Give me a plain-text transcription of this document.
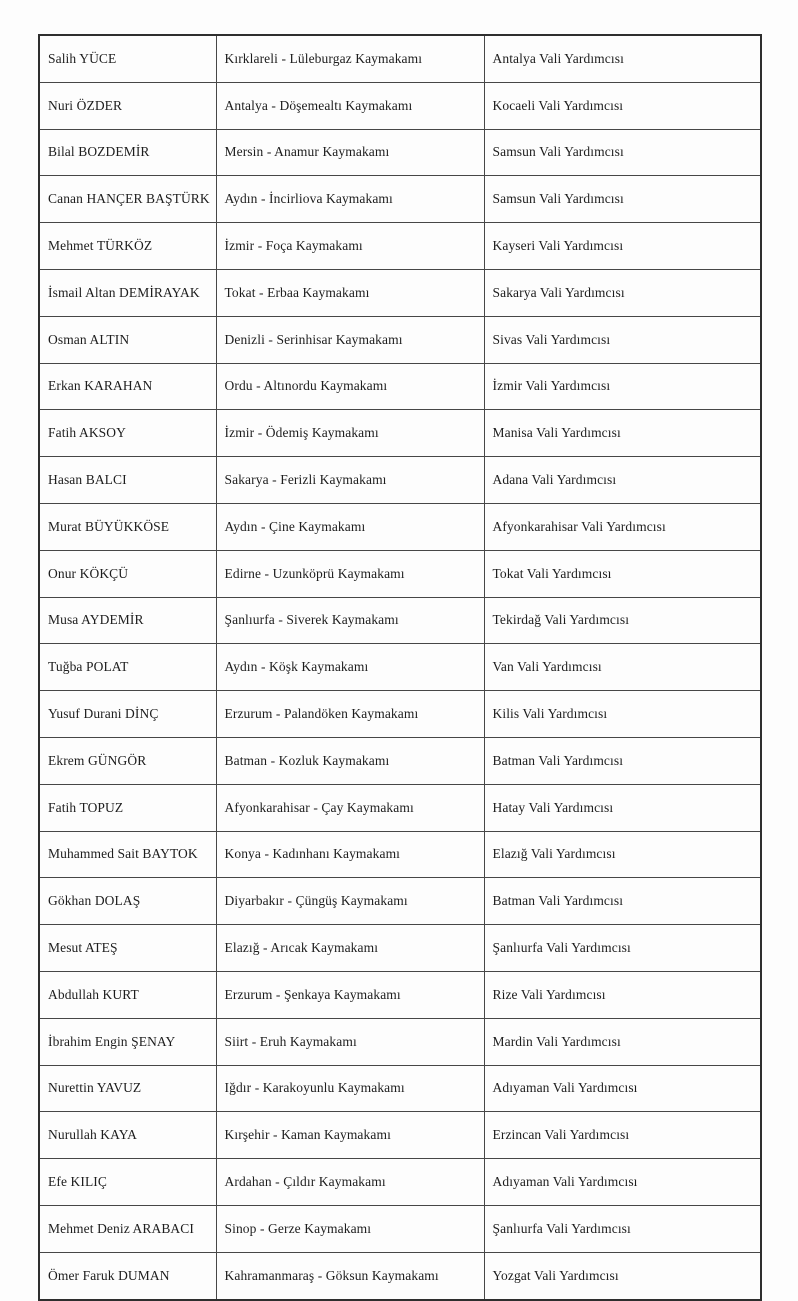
Salih YÜCE	Kırklareli - Lüleburgaz Kaymakamı	Antalya Vali Yardımcısı
Nuri ÖZDER	Antalya - Döşemealtı Kaymakamı	Kocaeli Vali Yardımcısı
Bilal BOZDEMİR	Mersin - Anamur Kaymakamı	Samsun Vali Yardımcısı
Canan HANÇER BAŞTÜRK	Aydın - İncirliova Kaymakamı	Samsun Vali Yardımcısı
Mehmet TÜRKÖZ	İzmir - Foça Kaymakamı	Kayseri Vali Yardımcısı
İsmail Altan DEMİRAYAK	Tokat - Erbaa Kaymakamı	Sakarya Vali Yardımcısı
Osman ALTIN	Denizli - Serinhisar Kaymakamı	Sivas Vali Yardımcısı
Erkan KARAHAN	Ordu - Altınordu Kaymakamı	İzmir Vali Yardımcısı
Fatih AKSOY	İzmir - Ödemiş Kaymakamı	Manisa Vali Yardımcısı
Hasan BALCI	Sakarya - Ferizli Kaymakamı	Adana Vali Yardımcısı
Murat BÜYÜKKÖSE	Aydın - Çine Kaymakamı	Afyonkarahisar Vali Yardımcısı
Onur KÖKÇÜ	Edirne - Uzunköprü Kaymakamı	Tokat Vali Yardımcısı
Musa AYDEMİR	Şanlıurfa - Siverek Kaymakamı	Tekirdağ Vali Yardımcısı
Tuğba POLAT	Aydın - Köşk Kaymakamı	Van Vali Yardımcısı
Yusuf Durani DİNÇ	Erzurum - Palandöken Kaymakamı	Kilis Vali Yardımcısı
Ekrem GÜNGÖR	Batman - Kozluk Kaymakamı	Batman Vali Yardımcısı
Fatih TOPUZ	Afyonkarahisar - Çay Kaymakamı	Hatay Vali Yardımcısı
Muhammed Sait BAYTOK	Konya - Kadınhanı Kaymakamı	Elazığ Vali Yardımcısı
Gökhan DOLAŞ	Diyarbakır - Çüngüş Kaymakamı	Batman Vali Yardımcısı
Mesut ATEŞ	Elazığ - Arıcak Kaymakamı	Şanlıurfa Vali Yardımcısı
Abdullah KURT	Erzurum - Şenkaya Kaymakamı	Rize Vali Yardımcısı
İbrahim Engin ŞENAY	Siirt - Eruh Kaymakamı	Mardin Vali Yardımcısı
Nurettin YAVUZ	Iğdır - Karakoyunlu Kaymakamı	Adıyaman Vali Yardımcısı
Nurullah KAYA	Kırşehir - Kaman Kaymakamı	Erzincan Vali Yardımcısı
Efe KILIÇ	Ardahan - Çıldır Kaymakamı	Adıyaman Vali Yardımcısı
Mehmet Deniz ARABACI	Sinop - Gerze Kaymakamı	Şanlıurfa Vali Yardımcısı
Ömer Faruk DUMAN	Kahramanmaraş - Göksun Kaymakamı	Yozgat Vali Yardımcısı
